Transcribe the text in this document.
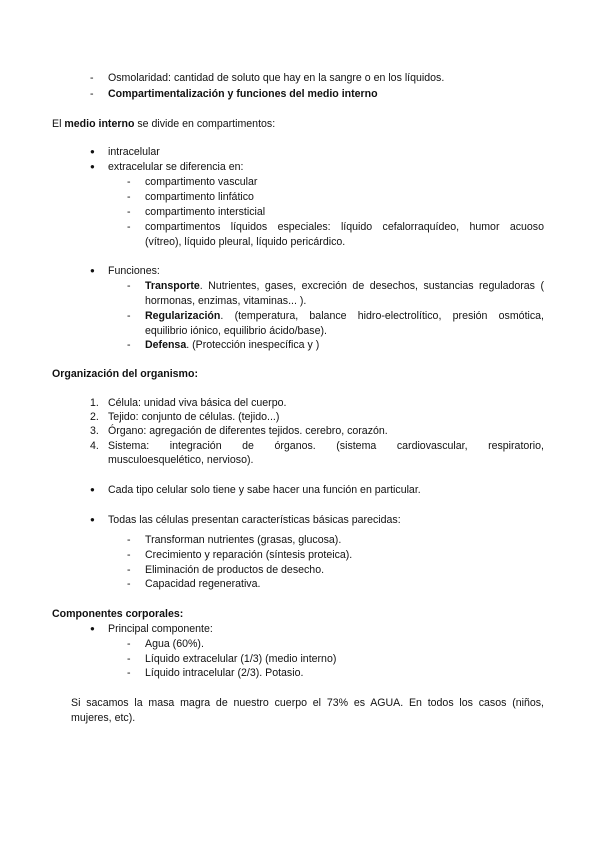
- Osmolaridad: cantidad de soluto que hay en la sangre o en los líquidos.
- Compartimentalización y funciones del medio interno
El medio interno se divide en compartimentos:
● intracelular
● extracelular se diferencia en:
- compartimento vascular
- compartimento linfático
- compartimento intersticial
- compartimentos líquidos especiales: líquido cefalorraquídeo, humor acuoso
(vítreo), líquido pleural, líquido pericárdico.
● Funciones:
- Transporte. Nutrientes, gases, excreción de desechos, sustancias reguladoras (
hormonas, enzimas, vitaminas... ).
- Regularización. (temperatura, balance hidro-electrolítico, presión osmótica,
equilibrio iónico, equilibrio ácido/base).
- Defensa. (Protección inespecífica y )
Organización del organismo:
1. Célula: unidad viva básica del cuerpo.
2. Tejido: conjunto de células. (tejido...)
3. Órgano: agregación de diferentes tejidos. cerebro, corazón.
4. Sistema: integración de órganos. (sistema cardiovascular, respiratorio,
musculoesquelético, nervioso).
● Cada tipo celular solo tiene y sabe hacer una función en particular.
● Todas las células presentan características básicas parecidas:
- Transforman nutrientes (grasas, glucosa).
- Crecimiento y reparación (síntesis proteica).
- Eliminación de productos de desecho.
- Capacidad regenerativa.
Componentes corporales:
● Principal componente:
- Agua (60%).
- Líquido extracelular (1/3) (medio interno)
- Líquido intracelular (2/3). Potasio.
Si sacamos la masa magra de nuestro cuerpo el 73% es AGUA. En todos los casos (niños,
mujeres, etc).
